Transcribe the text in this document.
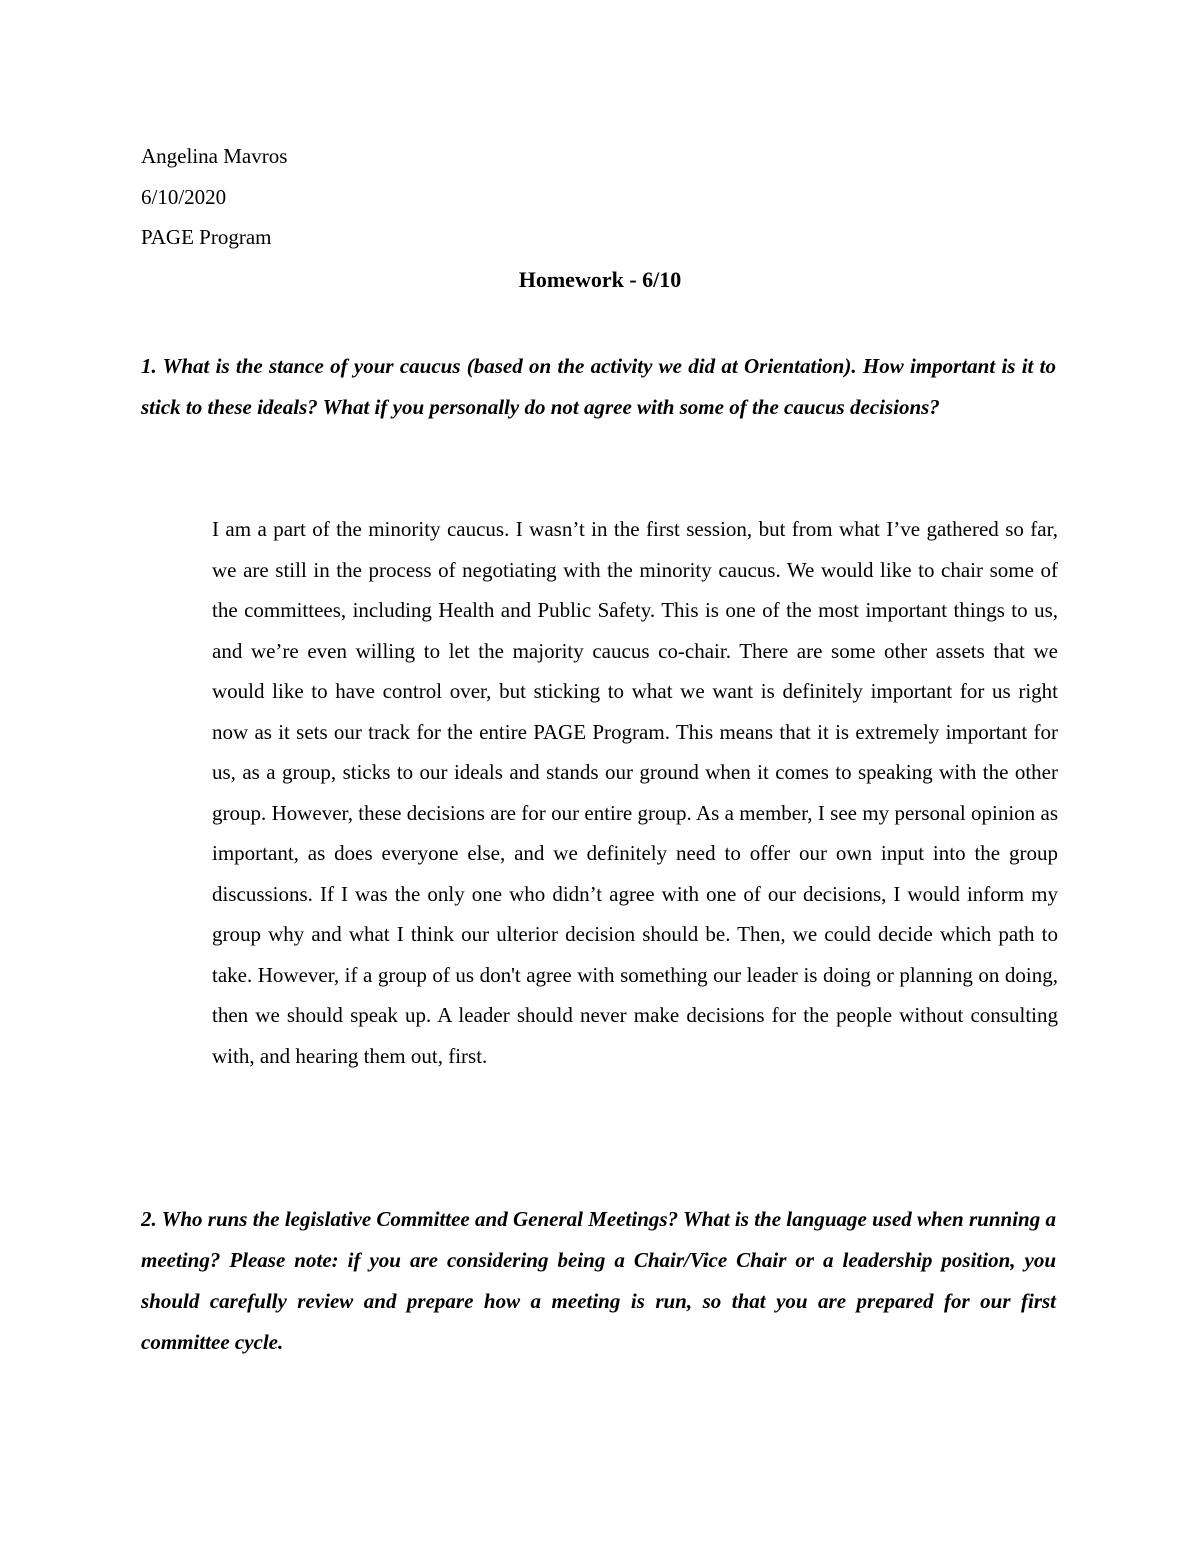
Angelina Mavros

6/10/2020

PAGE Program

Homework - 6/10

1. What is the stance of your caucus (based on the activity we did at Orientation). How important is it to stick to these ideals? What if you personally do not agree with some of the caucus decisions?

I am a part of the minority caucus. I wasn’t in the first session, but from what I’ve gathered so far, we are still in the process of negotiating with the minority caucus. We would like to chair some of the committees, including Health and Public Safety. This is one of the most important things to us, and we’re even willing to let the majority caucus co-chair. There are some other assets that we would like to have control over, but sticking to what we want is definitely important for us right now as it sets our track for the entire PAGE Program. This means that it is extremely important for us, as a group, sticks to our ideals and stands our ground when it comes to speaking with the other group. However, these decisions are for our entire group. As a member, I see my personal opinion as important, as does everyone else, and we definitely need to offer our own input into the group discussions. If I was the only one who didn’t agree with one of our decisions, I would inform my group why and what I think our ulterior decision should be. Then, we could decide which path to take. However, if a group of us don't agree with something our leader is doing or planning on doing, then we should speak up. A leader should never make decisions for the people without consulting with, and hearing them out, first.

2. Who runs the legislative Committee and General Meetings? What is the language used when running a meeting? Please note: if you are considering being a Chair/Vice Chair or a leadership position, you should carefully review and prepare how a meeting is run, so that you are prepared for our first committee cycle.
